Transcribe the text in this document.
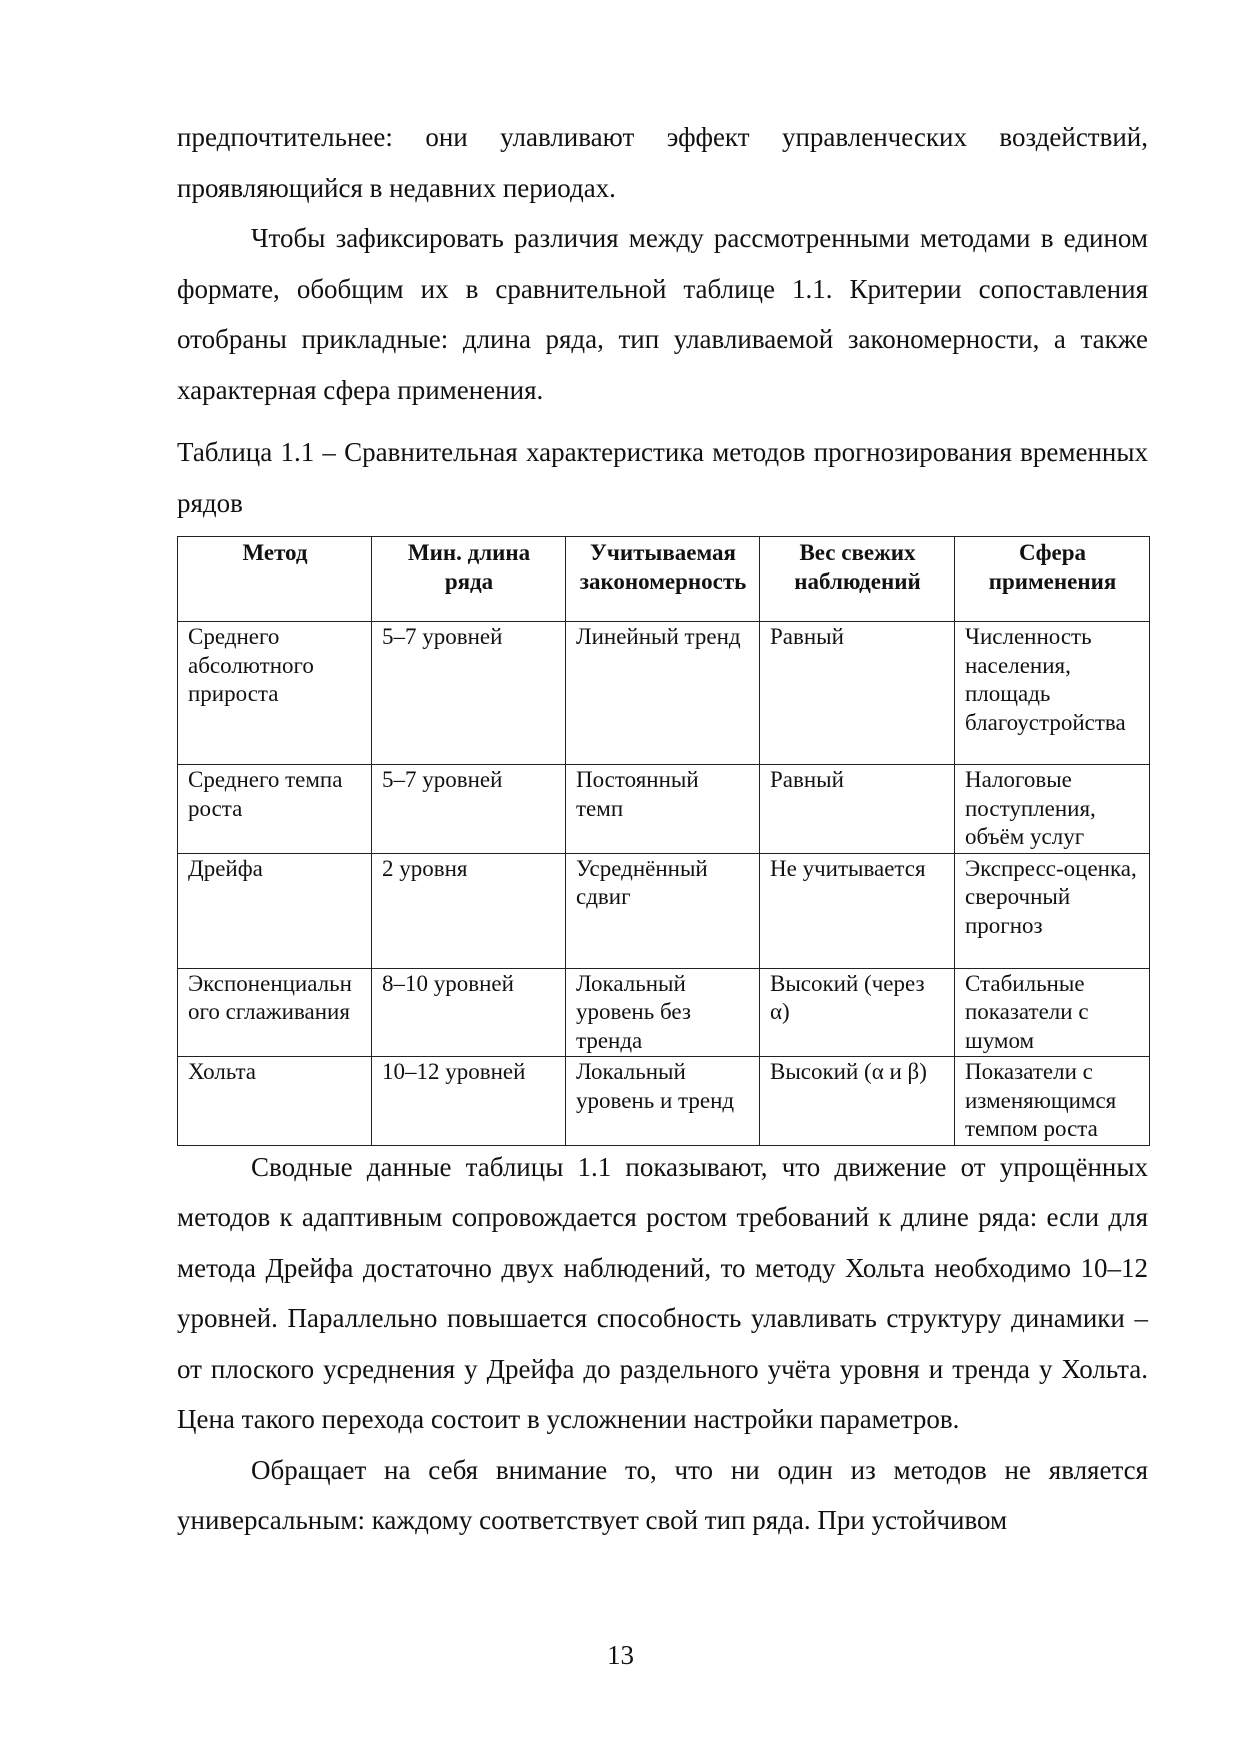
предпочтительнее: они улавливают эффект управленческих воздействий, проявляющийся в недавних периодах.

Чтобы зафиксировать различия между рассмотренными методами в едином формате, обобщим их в сравнительной таблице 1.1. Критерии сопоставления отобраны прикладные: длина ряда, тип улавливаемой закономерности, а также характерная сфера применения.

Таблица 1.1 – Сравнительная характеристика методов прогнозирования временных рядов

Метод	Мин. длина ряда	Учитываемая закономерность	Вес свежих наблюдений	Сфера применения
Среднего абсолютного прироста	5–7 уровней	Линейный тренд	Равный	Численность населения, площадь благоустройства
Среднего темпа роста	5–7 уровней	Постоянный темп	Равный	Налоговые поступления, объём услуг
Дрейфа	2 уровня	Усреднённый сдвиг	Не учитывается	Экспресс-оценка, сверочный прогноз
Экспоненциального сглаживания	8–10 уровней	Локальный уровень без тренда	Высокий (через α)	Стабильные показатели с шумом
Хольта	10–12 уровней	Локальный уровень и тренд	Высокий (α и β)	Показатели с изменяющимся темпом роста

Сводные данные таблицы 1.1 показывают, что движение от упрощённых методов к адаптивным сопровождается ростом требований к длине ряда: если для метода Дрейфа достаточно двух наблюдений, то методу Хольта необходимо 10–12 уровней. Параллельно повышается способность улавливать структуру динамики – от плоского усреднения у Дрейфа до раздельного учёта уровня и тренда у Хольта. Цена такого перехода состоит в усложнении настройки параметров.

Обращает на себя внимание то, что ни один из методов не является универсальным: каждому соответствует свой тип ряда. При устойчивом

13
